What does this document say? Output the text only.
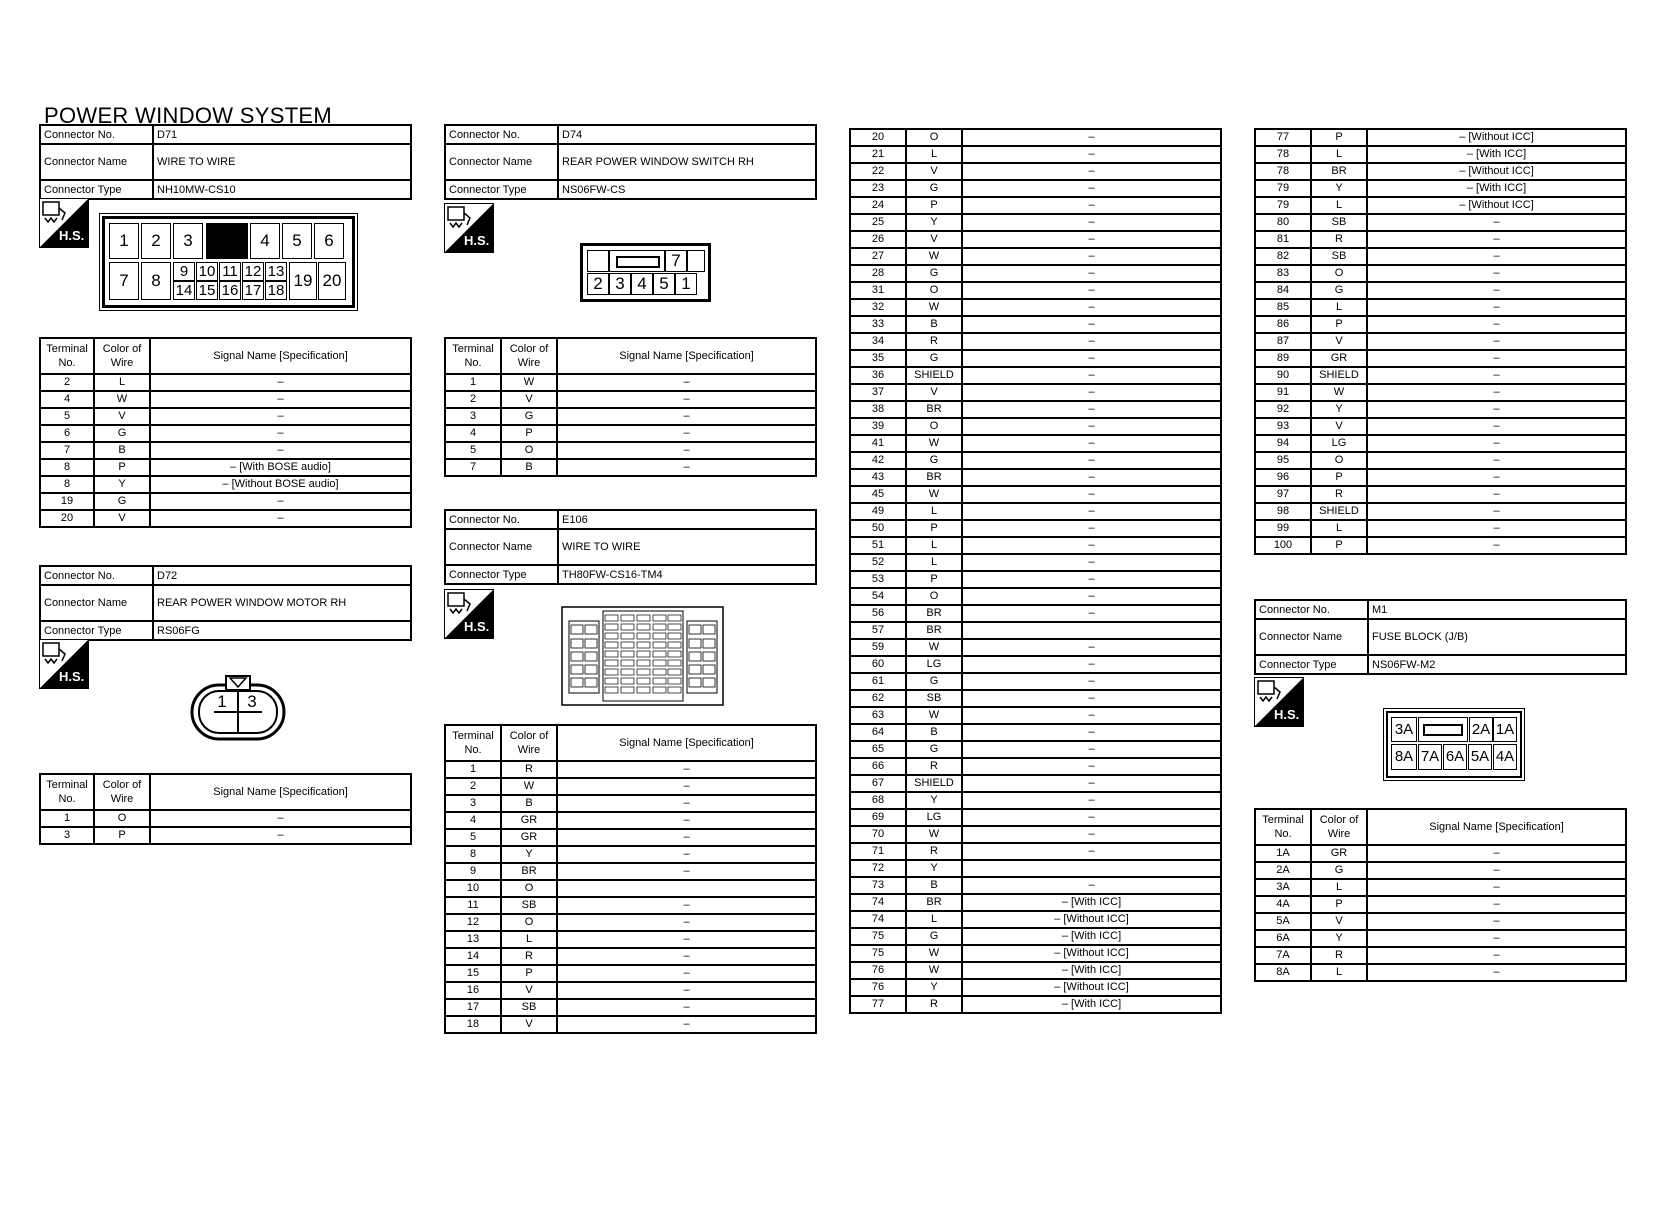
POWER WINDOW SYSTEM
Connector No.	D71
Connector Name	WIRE TO WIRE
Connector Type	NH10MW-CS10
H.S.	1	2	3	4	5	6
7	8	9 10 11 12 13
14 15 16 17 18
19 20
Terminal No.	Color of Wire	Signal Name [Specification]
2	L	–
4	W	–
5	V	–
6	G	–
7	B	–
8	P	– [With BOSE audio]
8	Y	– [Without BOSE audio]
19	G	–
20	V	–
Connector No.	D72
Connector Name	REAR POWER WINDOW MOTOR RH
Connector Type	RS06FG
H.S.
1	3
Terminal No.	Color of Wire	Signal Name [Specification]
1	O	–
3	P	–
Connector No.	D74
Connector Name	REAR POWER WINDOW SWITCH RH
Connector Type	NS06FW-CS
H.S.
7
2 3 4 5 1
Terminal No.	Color of Wire	Signal Name [Specification]
1	W	–
2	V	–
3	G	–
4	P	–
5	O	–
7	B	–
Connector No.	E106
Connector Name	WIRE TO WIRE
Connector Type	TH80FW-CS16-TM4
H.S.
Terminal No.	Color of Wire	Signal Name [Specification]
1	R	–
2	W	–
3	B	–
4	GR	–
5	GR	–
8	Y	–
9	BR	–
10	O	
11	SB	–
12	O	–
13	L	–
14	R	–
15	P	–
16	V	–
17	SB	–
18	V	–
20	O	–
21	L	–
22	V	–
23	G	–
24	P	–
25	Y	–
26	V	–
27	W	–
28	G	–
31	O	–
32	W	–
33	B	–
34	R	–
35	G	–
36	SHIELD	–
37	V	–
38	BR	–
39	O	–
41	W	–
42	G	–
43	BR	–
45	W	–
49	L	–
50	P	–
51	L	–
52	L	–
53	P	–
54	O	–
56	BR	–
57	BR	
59	W	–
60	LG	–
61	G	–
62	SB	–
63	W	–
64	B	–
65	G	–
66	R	–
67	SHIELD	–
68	Y	–
69	LG	–
70	W	–
71	R	–
72	Y	
73	B	–
74	BR	– [With ICC]
74	L	– [Without ICC]
75	G	– [With ICC]
75	W	– [Without ICC]
76	W	– [With ICC]
76	Y	– [Without ICC]
77	R	– [With ICC]
77	P	– [Without ICC]
78	L	– [With ICC]
78	BR	– [Without ICC]
79	Y	– [With ICC]
79	L	– [Without ICC]
80	SB	–
81	R	–
82	SB	–
83	O	–
84	G	–
85	L	–
86	P	–
87	V	–
89	GR	–
90	SHIELD	–
91	W	–
92	Y	–
93	V	–
94	LG	–
95	O	–
96	P	–
97	R	–
98	SHIELD	–
99	L	–
100	P	–
Connector No.	M1
Connector Name	FUSE BLOCK (J/B)
Connector Type	NS06FW-M2
H.S.
3A	2A 1A
8A 7A 6A 5A 4A
Terminal No.	Color of Wire	Signal Name [Specification]
1A	GR	–
2A	G	–
3A	L	–
4A	P	–
5A	V	–
6A	Y	–
7A	R	–
8A	L	–
